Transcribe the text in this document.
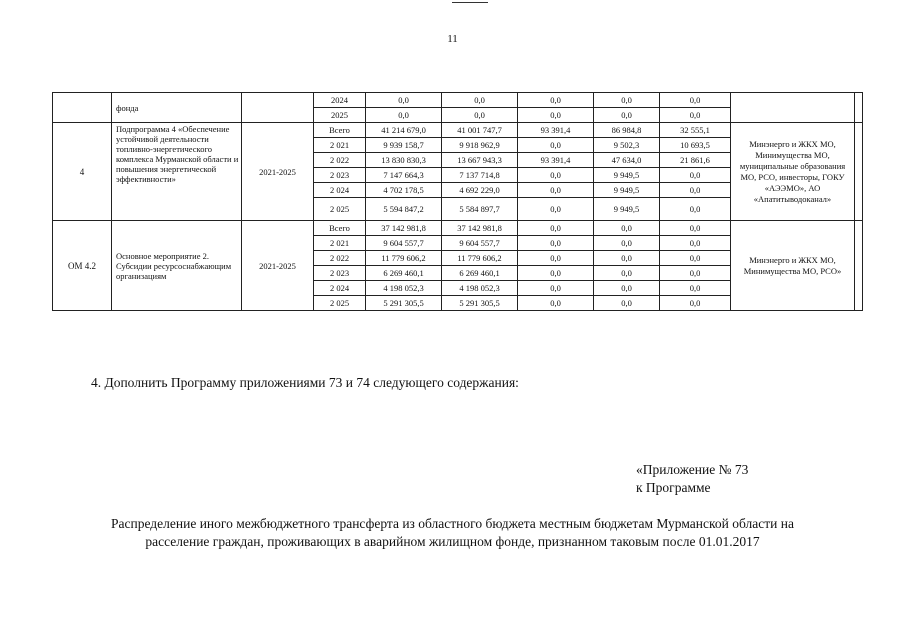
11
	фонда		2024	0,0	0,0	0,0	0,0	0,0		
			2025	0,0	0,0	0,0	0,0	0,0		
4	Подпрограмма 4 «Обеспечение устойчивой деятельности топливно-энергетического комплекса Мурманской области и повышения энергетической эффективности»	2021-2025	Всего	41 214 679,0	41 001 747,7	93 391,4	86 984,8	32 555,1	Минэнерго и ЖКХ МО, Минимущества МО, муниципальные образования МО, РСО, инвесторы, ГОКУ «АЭЭМО», АО «Апатитыводоканал»	
			2 021	9 939 158,7	9 918 962,9	0,0	9 502,3	10 693,5		
			2 022	13 830 830,3	13 667 943,3	93 391,4	47 634,0	21 861,6		
			2 023	7 147 664,3	7 137 714,8	0,0	9 949,5	0,0		
			2 024	4 702 178,5	4 692 229,0	0,0	9 949,5	0,0		
			2 025	5 594 847,2	5 584 897,7	0,0	9 949,5	0,0		
ОМ 4.2	Основное мероприятие 2. Субсидии ресурсоснабжающим организациям	2021-2025	Всего	37 142 981,8	37 142 981,8	0,0	0,0	0,0	Минэнерго и ЖКХ МО, Минимущества МО, РСО»	
			2 021	9 604 557,7	9 604 557,7	0,0	0,0	0,0		
			2 022	11 779 606,2	11 779 606,2	0,0	0,0	0,0		
			2 023	6 269 460,1	6 269 460,1	0,0	0,0	0,0		
			2 024	4 198 052,3	4 198 052,3	0,0	0,0	0,0		
			2 025	5 291 305,5	5 291 305,5	0,0	0,0	0,0		
4. Дополнить Программу приложениями 73 и 74 следующего содержания:
«Приложение № 73
к Программе
Распределение иного межбюджетного трансферта из областного бюджета местным бюджетам Мурманской области на
расселение граждан, проживающих в аварийном жилищном фонде, признанном таковым после 01.01.2017
